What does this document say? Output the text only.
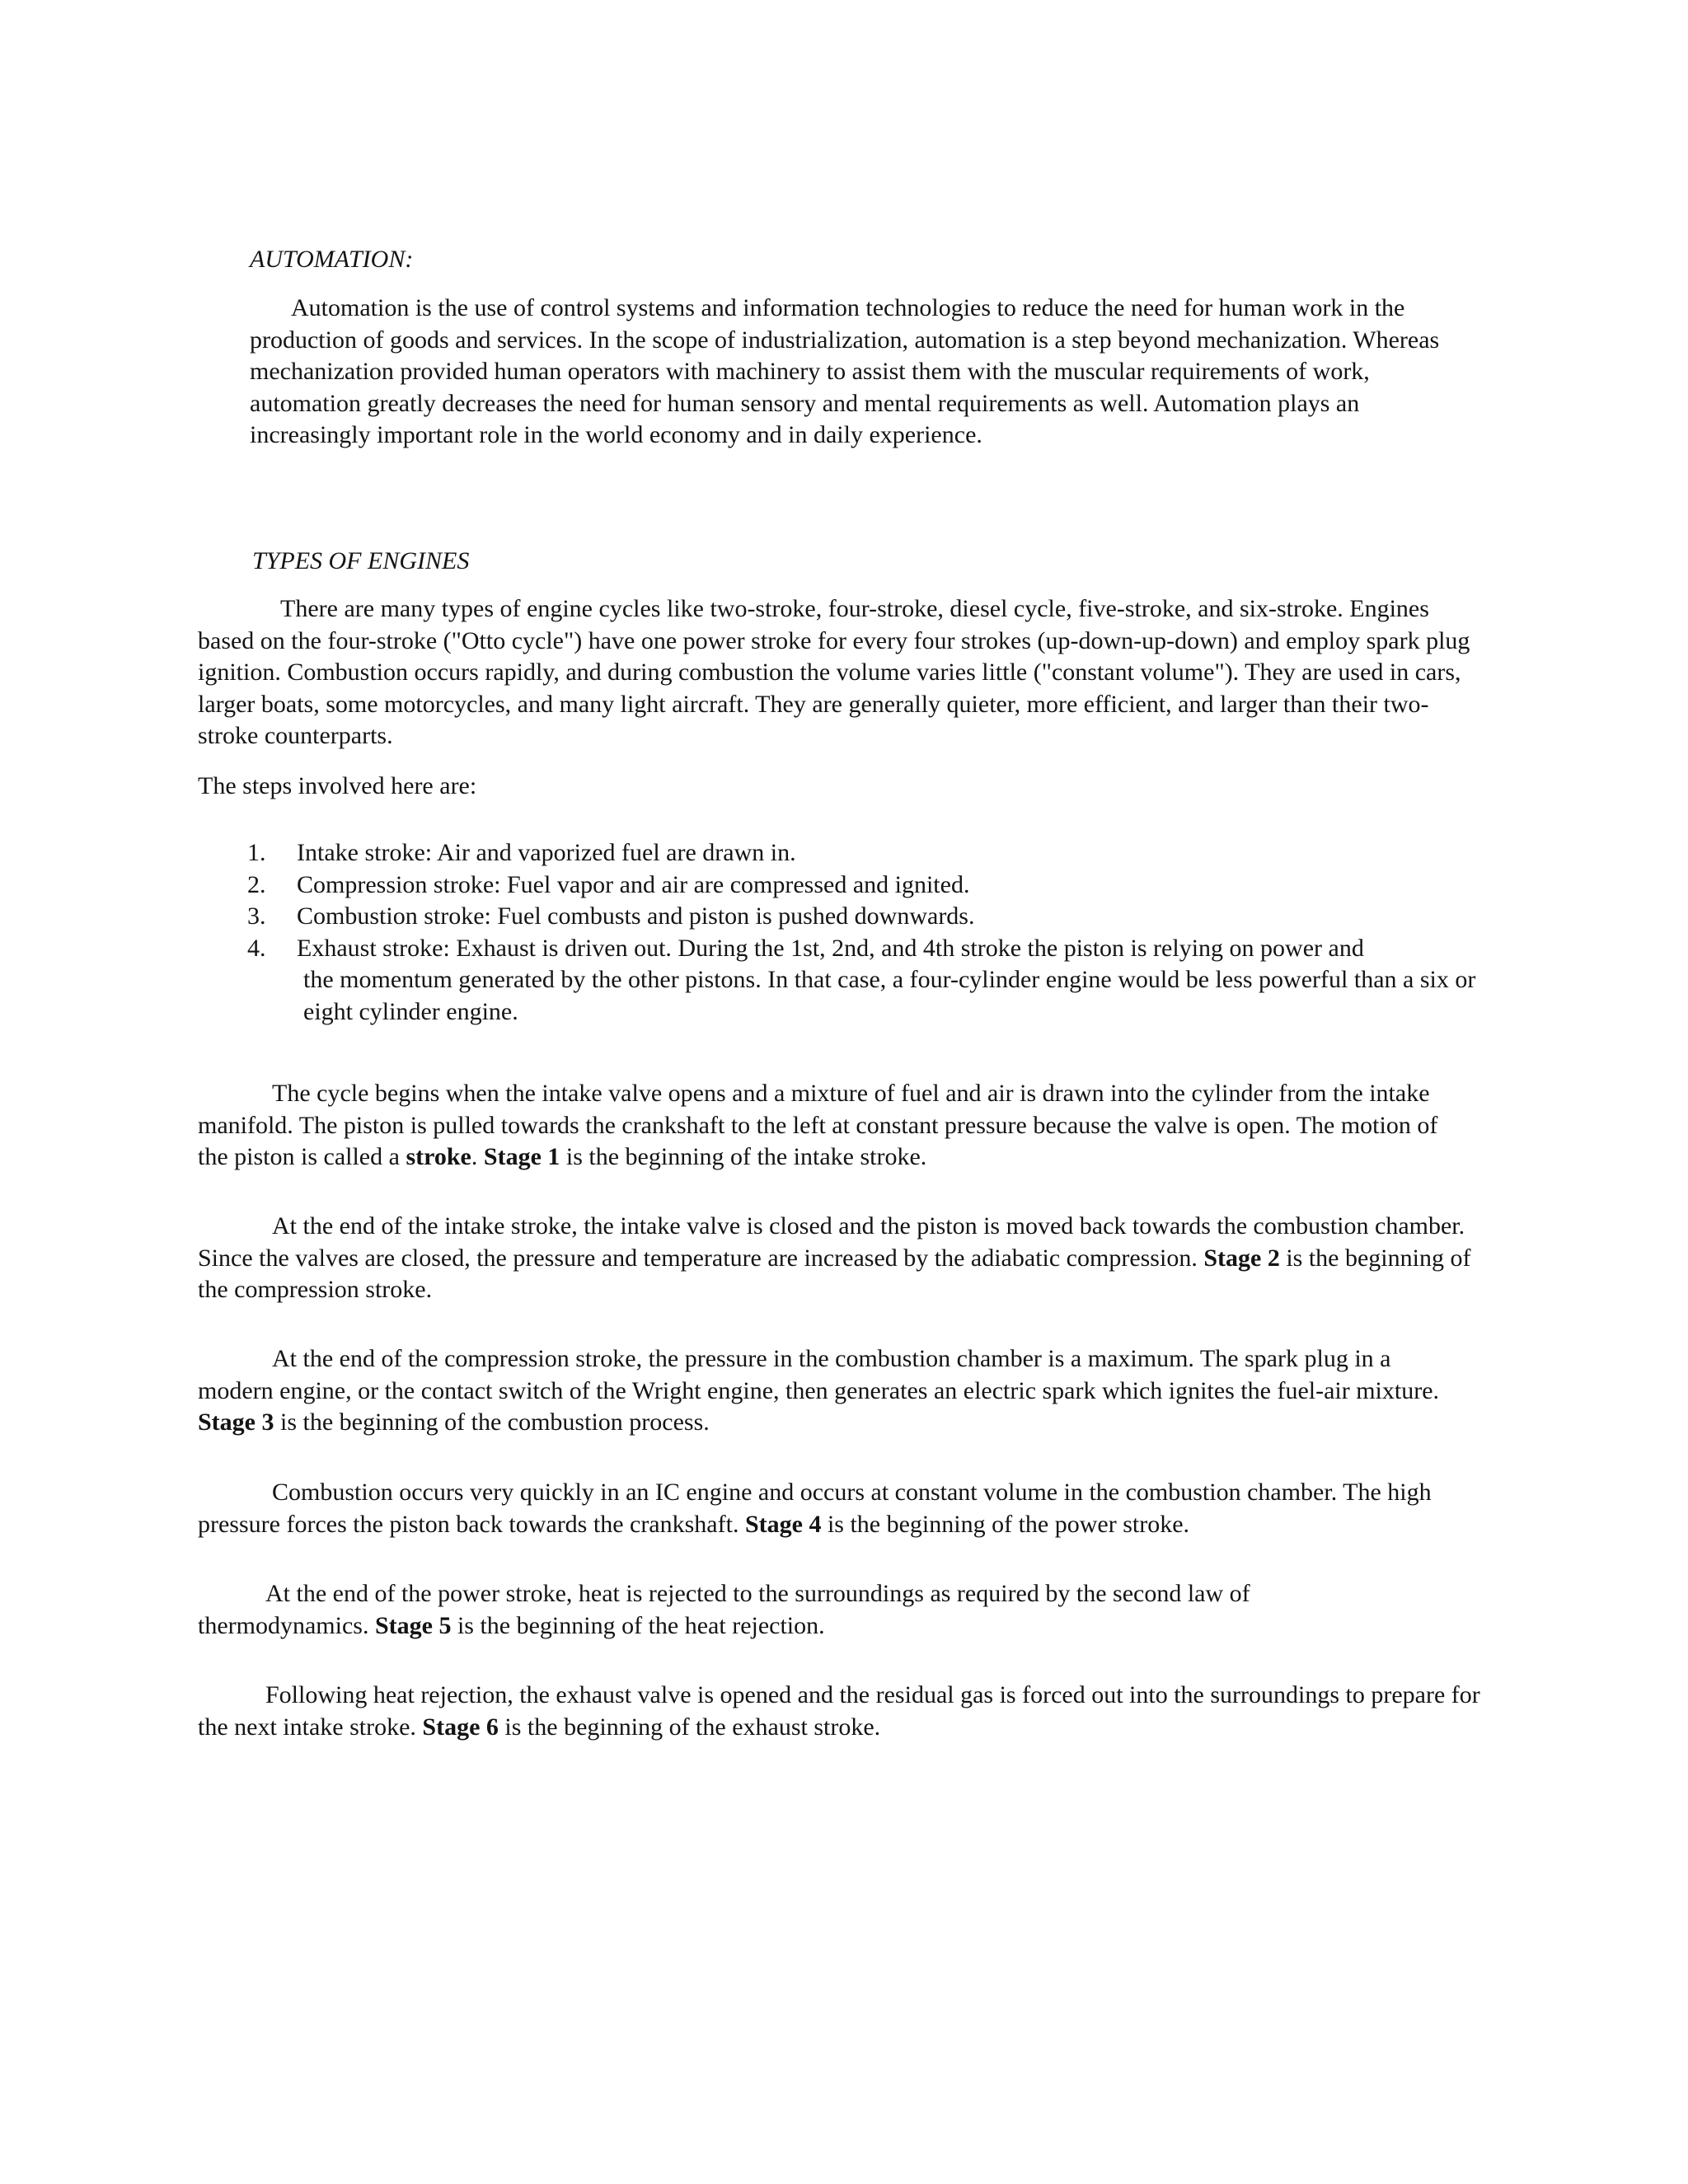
AUTOMATION:

Automation is the use of control systems and information technologies to reduce the need for human work in the production of goods and services. In the scope of industrialization, automation is a step beyond mechanization. Whereas mechanization provided human operators with machinery to assist them with the muscular requirements of work, automation greatly decreases the need for human sensory and mental requirements as well. Automation plays an increasingly important role in the world economy and in daily experience.

TYPES OF ENGINES

There are many types of engine cycles like two-stroke, four-stroke, diesel cycle, five-stroke, and six-stroke. Engines based on the four-stroke ("Otto cycle") have one power stroke for every four strokes (up-down-up-down) and employ spark plug ignition. Combustion occurs rapidly, and during combustion the volume varies little ("constant volume"). They are used in cars, larger boats, some motorcycles, and many light aircraft. They are generally quieter, more efficient, and larger than their two-stroke counterparts.

The steps involved here are:

1. Intake stroke: Air and vaporized fuel are drawn in.
2. Compression stroke: Fuel vapor and air are compressed and ignited.
3. Combustion stroke: Fuel combusts and piston is pushed downwards.
4. Exhaust stroke: Exhaust is driven out. During the 1st, 2nd, and 4th stroke the piston is relying on power and
the momentum generated by the other pistons. In that case, a four-cylinder engine would be less powerful than a six or eight cylinder engine.

The cycle begins when the intake valve opens and a mixture of fuel and air is drawn into the cylinder from the intake manifold. The piston is pulled towards the crankshaft to the left at constant pressure because the valve is open. The motion of the piston is called a stroke. Stage 1 is the beginning of the intake stroke.

At the end of the intake stroke, the intake valve is closed and the piston is moved back towards the combustion chamber. Since the valves are closed, the pressure and temperature are increased by the adiabatic compression. Stage 2 is the beginning of the compression stroke.

At the end of the compression stroke, the pressure in the combustion chamber is a maximum. The spark plug in a modern engine, or the contact switch of the Wright engine, then generates an electric spark which ignites the fuel-air mixture. Stage 3 is the beginning of the combustion process.

Combustion occurs very quickly in an IC engine and occurs at constant volume in the combustion chamber. The high pressure forces the piston back towards the crankshaft. Stage 4 is the beginning of the power stroke.

At the end of the power stroke, heat is rejected to the surroundings as required by the second law of thermodynamics. Stage 5 is the beginning of the heat rejection.

Following heat rejection, the exhaust valve is opened and the residual gas is forced out into the surroundings to prepare for the next intake stroke. Stage 6 is the beginning of the exhaust stroke.
